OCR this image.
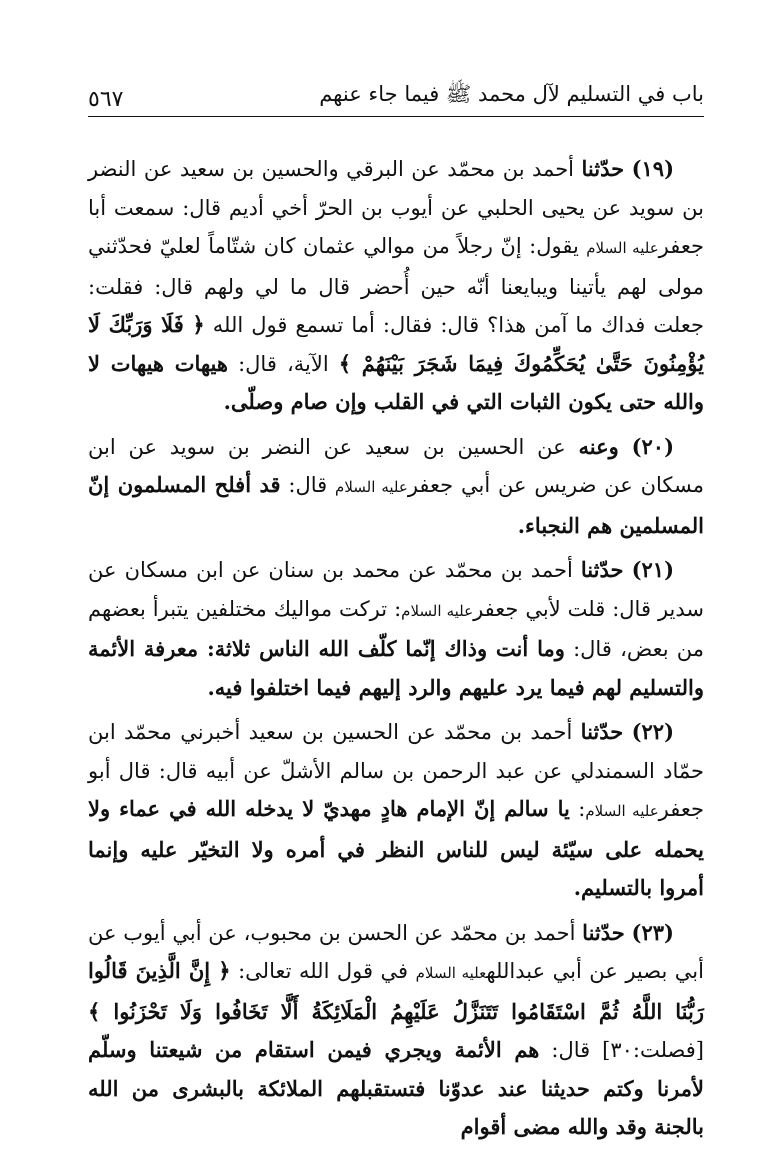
باب في التسليم لآل محمد ﷺ فيما جاء عنهم
٥٦٧

(١٩) حدّثنا أحمد بن محمّد عن البرقي والحسين بن سعيد عن النضر بن سويد عن يحيى الحلبي عن أيوب بن الحرّ أخي أديم قال: سمعت أبا جعفرعليه السلام يقول: إنّ رجلاً من موالي عثمان كان شتّاماً لعليّ فحدّثني مولى لهم يأتينا ويبايعنا أنّه حين أُحضر قال ما لي ولهم قال: فقلت: جعلت فداك ما آمن هذا؟ قال: فقال: أما تسمع قول الله ﴿ فَلَا وَرَبِّكَ لَا يُؤْمِنُونَ حَتَّىٰ يُحَكِّمُوكَ فِيمَا شَجَرَ بَيْنَهُمْ ﴾ الآية، قال: هيهات هيهات لا والله حتى يكون الثبات التي في القلب وإن صام وصلّى.

(٢٠) وعنه عن الحسين بن سعيد عن النضر بن سويد عن ابن مسكان عن ضريس عن أبي جعفرعليه السلام قال: قد أفلح المسلمون إنّ المسلمين هم النجباء.

(٢١) حدّثنا أحمد بن محمّد عن محمد بن سنان عن ابن مسكان عن سدير قال: قلت لأبي جعفرعليه السلام: تركت مواليك مختلفين يتبرأ بعضهم من بعض، قال: وما أنت وذاك إنّما كلّف الله الناس ثلاثة: معرفة الأئمة والتسليم لهم فيما يرد عليهم والرد إليهم فيما اختلفوا فيه.

(٢٢) حدّثنا أحمد بن محمّد عن الحسين بن سعيد أخبرني محمّد ابن حمّاد السمندلي عن عبد الرحمن بن سالم الأشلّ عن أبيه قال: قال أبو جعفرعليه السلام: يا سالم إنّ الإمام هادٍ مهديّ لا يدخله الله في عماء ولا يحمله على سيّئة ليس للناس النظر في أمره ولا التخيّر عليه وإنما أمروا بالتسليم.

(٢٣) حدّثنا أحمد بن محمّد عن الحسن بن محبوب، عن أبي أيوب عن أبي بصير عن أبي عبداللهعليه السلام في قول الله تعالى: ﴿ إِنَّ الَّذِينَ قَالُوا رَبُّنَا اللَّهُ ثُمَّ اسْتَقَامُوا تَتَنَزَّلُ عَلَيْهِمُ الْمَلَائِكَةُ أَلَّا تَخَافُوا وَلَا تَحْزَنُوا ﴾ [فصلت:٣٠] قال: هم الأئمة ويجري فيمن استقام من شيعتنا وسلّم لأمرنا وكتم حديثنا عند عدوّنا فتستقبلهم الملائكة بالبشرى من الله بالجنة وقد والله مضى أقوام
